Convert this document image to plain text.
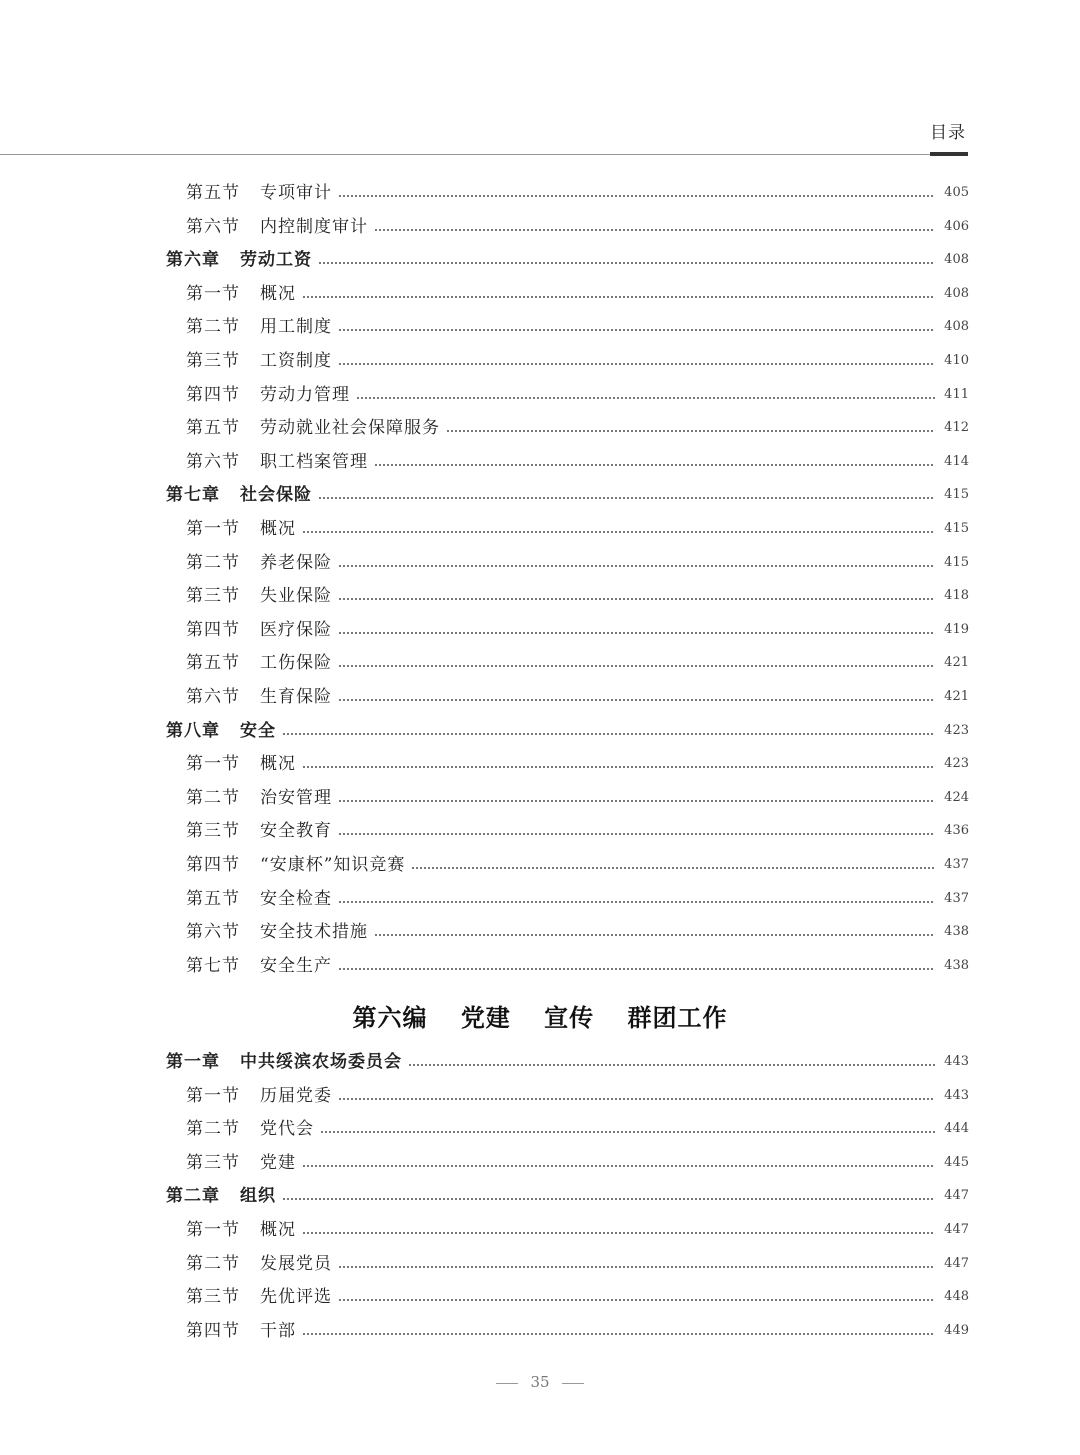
目录
第五节	专项审计	405
第六节	内控制度审计	406
第六章	劳动工资	408
第一节	概况	408
第二节	用工制度	408
第三节	工资制度	410
第四节	劳动力管理	411
第五节	劳动就业社会保障服务	412
第六节	职工档案管理	414
第七章	社会保险	415
第一节	概况	415
第二节	养老保险	415
第三节	失业保险	418
第四节	医疗保险	419
第五节	工伤保险	421
第六节	生育保险	421
第八章	安全	423
第一节	概况	423
第二节	治安管理	424
第三节	安全教育	436
第四节	“安康杯”知识竞赛	437
第五节	安全检查	437
第六节	安全技术措施	438
第七节	安全生产	438
第六编 党建 宣传 群团工作
第一章	中共绥滨农场委员会	443
第一节	历届党委	443
第二节	党代会	444
第三节	党建	445
第二章	组织	447
第一节	概况	447
第二节	发展党员	447
第三节	先优评选	448
第四节	干部	449
35
